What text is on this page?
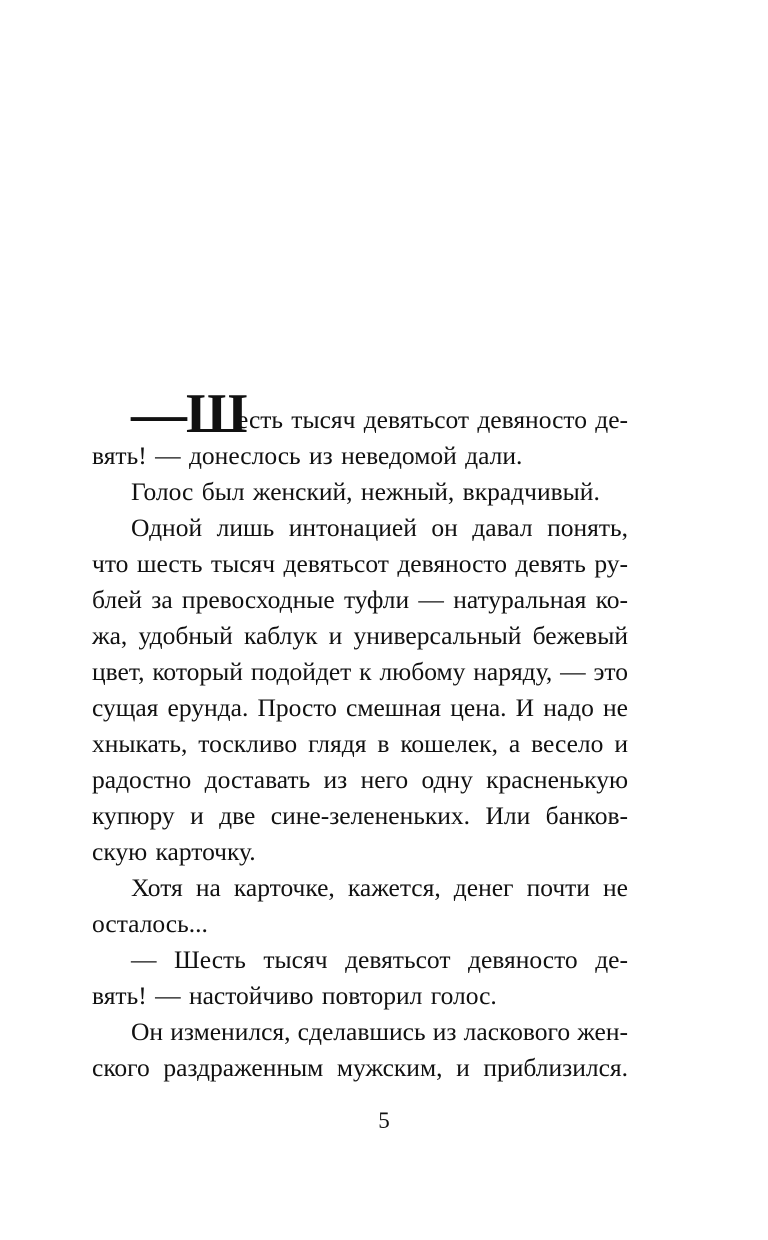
—Ш
есть тысяч девятьсот девяносто де-
вять! — донеслось из неведомой дали.
Голос был женский, нежный, вкрадчивый.
Одной лишь интонацией он давал понять,
что шесть тысяч девятьсот девяносто девять ру-
блей за превосходные туфли — натуральная ко-
жа, удобный каблук и универсальный бежевый
цвет, который подойдет к любому наряду, — это
сущая ерунда. Просто смешная цена. И надо не
хныкать, тоскливо глядя в кошелек, а весело и
радостно доставать из него одну красненькую
купюру и две сине-зелененьких. Или банков-
скую карточку.
Хотя на карточке, кажется, денег почти не
осталось...
— Шесть тысяч девятьсот девяносто де-
вять! — настойчиво повторил голос.
Он изменился, сделавшись из ласкового жен-
ского раздраженным мужским, и приблизился.
5
